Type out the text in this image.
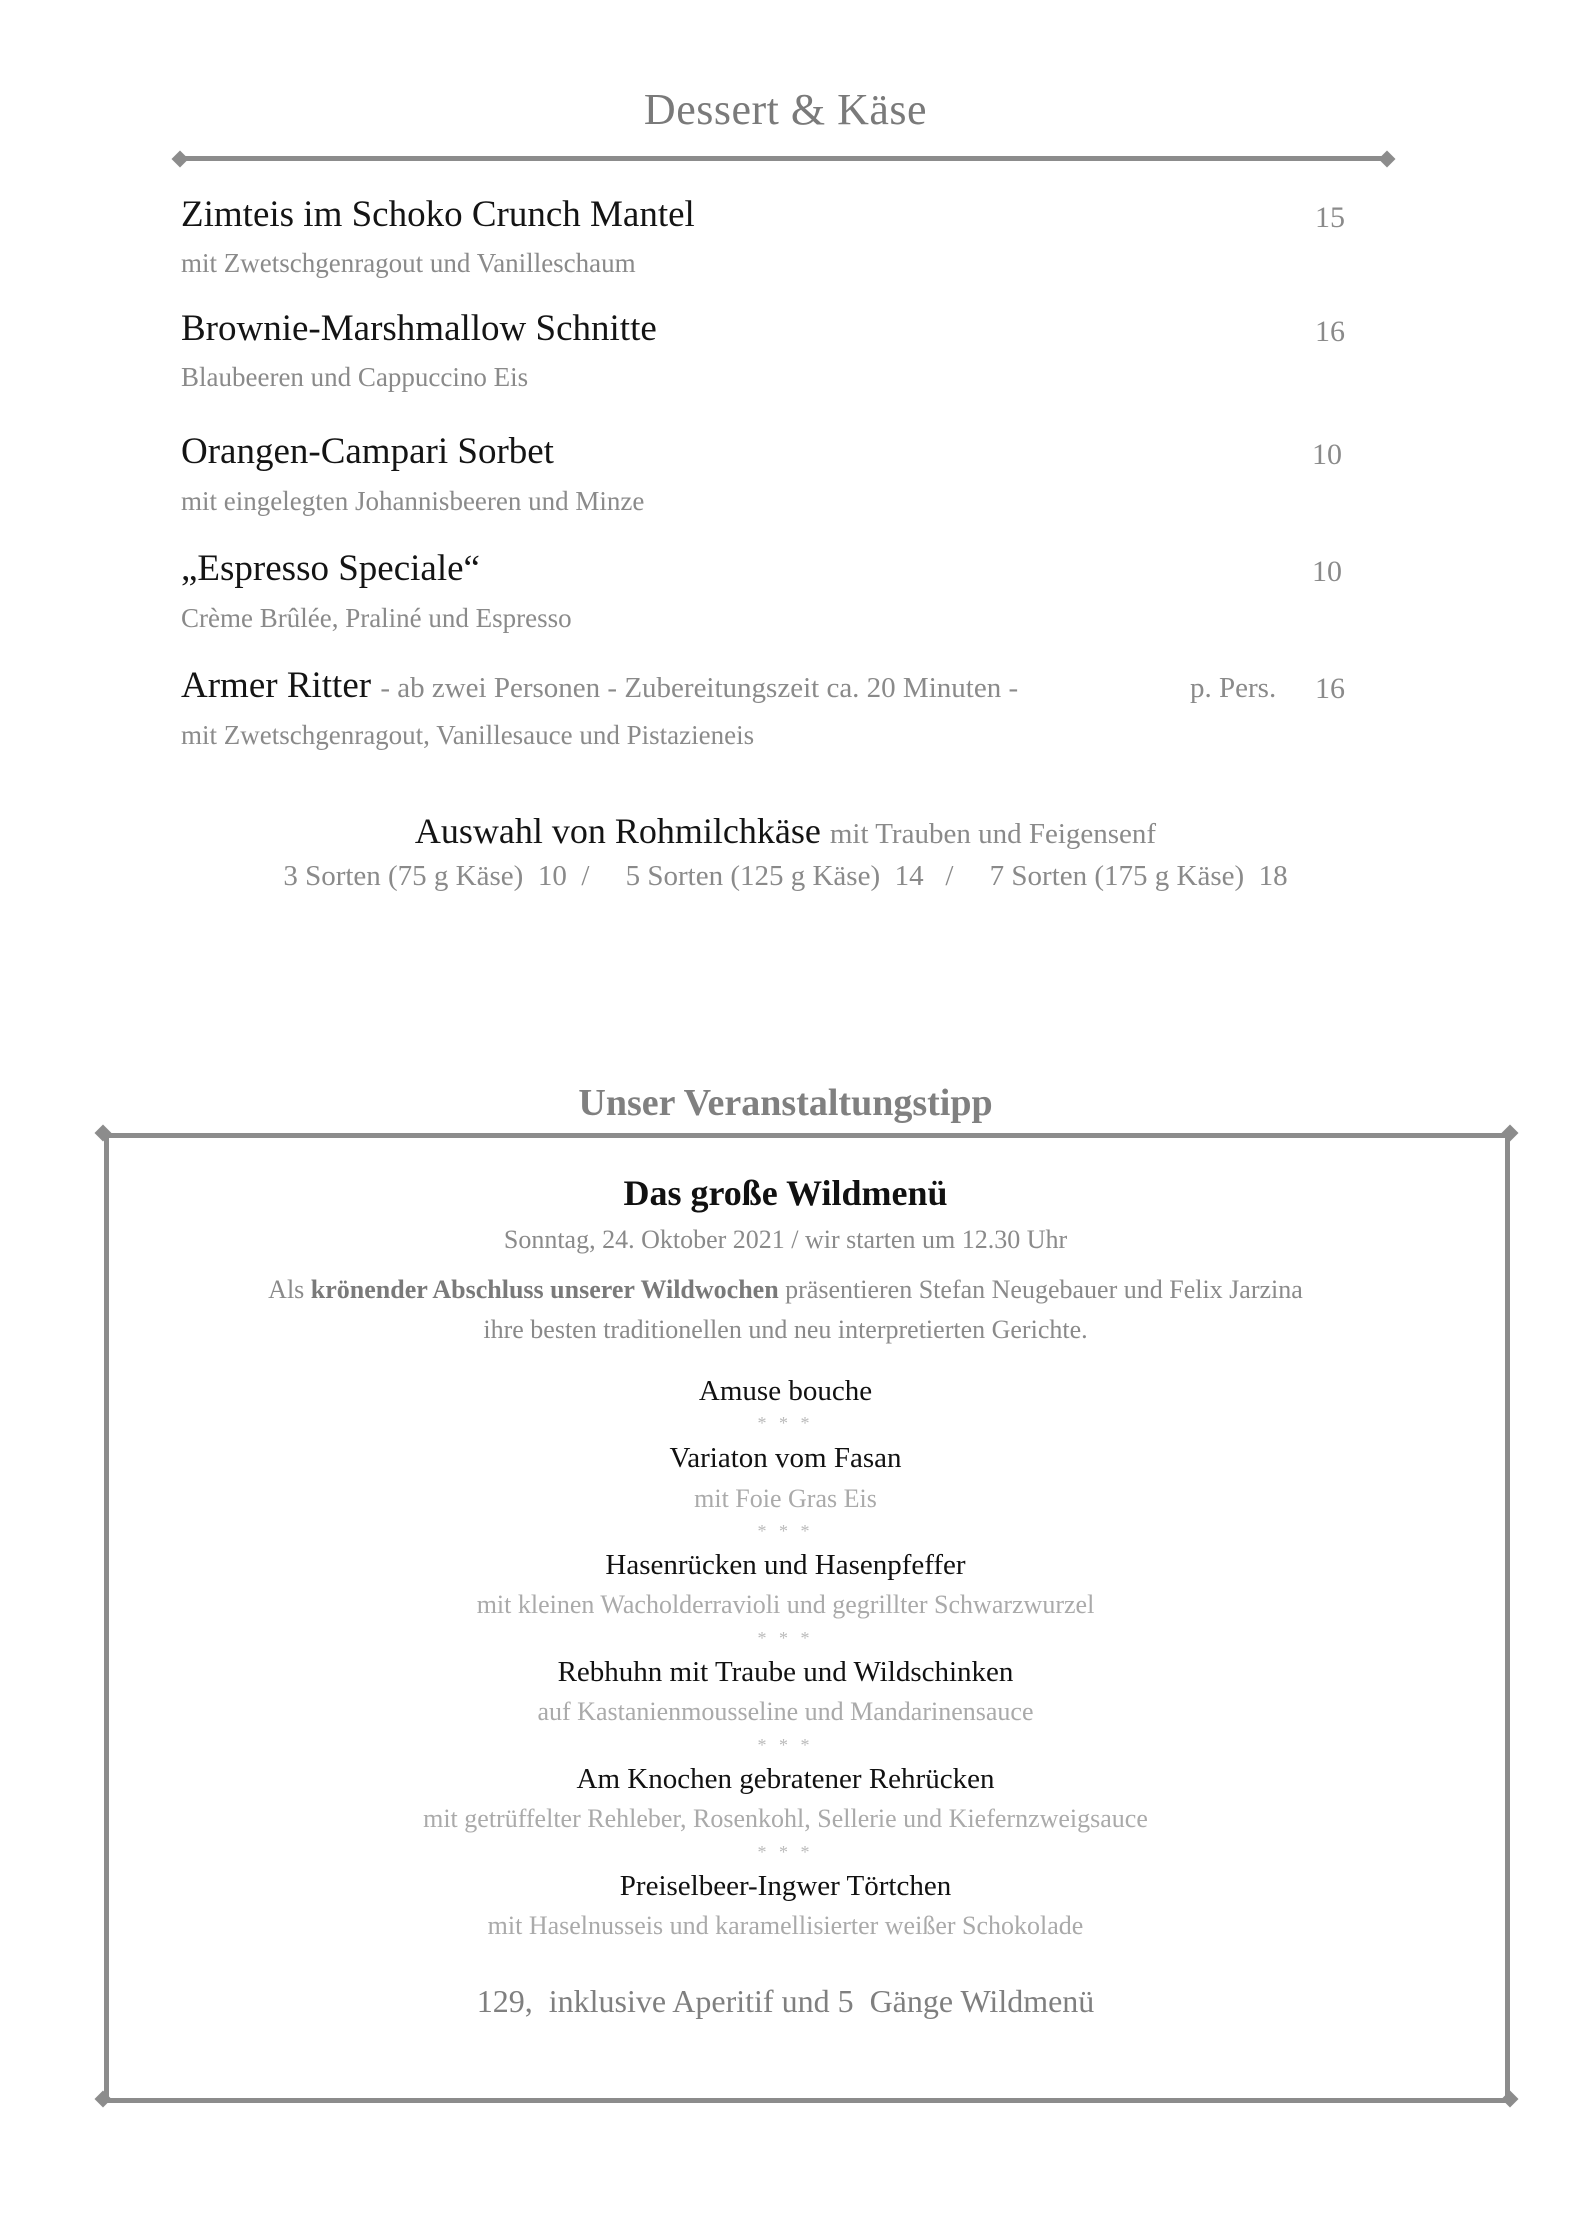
Dessert & Käse
Zimteis im Schoko Crunch Mantel	15
mit Zwetschgenragout und Vanilleschaum
Brownie-Marshmallow Schnitte	16
Blaubeeren und Cappuccino Eis
Orangen-Campari Sorbet	10
mit eingelegten Johannisbeeren und Minze
„Espresso Speciale“	10
Crème Brûlée, Praliné und Espresso
Armer Ritter - ab zwei Personen - Zubereitungszeit ca. 20 Minuten -	p. Pers.	16
mit Zwetschgenragout, Vanillesauce und Pistazieneis
Auswahl von Rohmilchkäse mit Trauben und Feigensenf
3 Sorten (75 g Käse)  10  /     5 Sorten (125 g Käse)  14   /     7 Sorten (175 g Käse)  18
Unser Veranstaltungstipp
Das große Wildmenü
Sonntag, 24. Oktober 2021 / wir starten um 12.30 Uhr
Als krönender Abschluss unserer Wildwochen präsentieren Stefan Neugebauer und Felix Jarzina
ihre besten traditionellen und neu interpretierten Gerichte.
Amuse bouche
* * *
Variaton vom Fasan
mit Foie Gras Eis
* * *
Hasenrücken und Hasenpfeffer
mit kleinen Wacholderravioli und gegrillter Schwarzwurzel
* * *
Rebhuhn mit Traube und Wildschinken
auf Kastanienmousseline und Mandarinensauce
* * *
Am Knochen gebratener Rehrücken
mit getrüffelter Rehleber, Rosenkohl, Sellerie und Kiefernzweigsauce
* * *
Preiselbeer-Ingwer Törtchen
mit Haselnusseis und karamellisierter weißer Schokolade
129,  inklusive Aperitif und 5  Gänge Wildmenü
